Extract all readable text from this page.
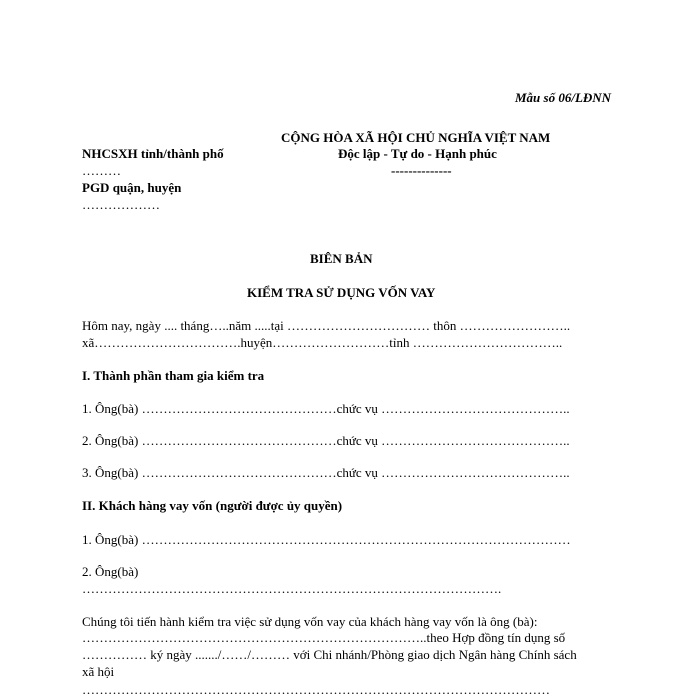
Mẫu số 06/LĐNN
CỘNG HÒA XÃ HỘI CHỦ NGHĨA VIỆT NAM
NHCSXH tỉnh/thành phố	Độc lập - Tự do - Hạnh phúc
………	--------------
PGD quận, huyện
………………
BIÊN BẢN
KIỂM TRA SỬ DỤNG VỐN VAY
Hôm nay, ngày .... tháng…..năm .....tại …………………………… thôn ……………………..
xã…………………………….huyện………………………tỉnh ……………………………..
I. Thành phần tham gia kiểm tra
1. Ông(bà) ………………………………………chức vụ ……………………………………..
2. Ông(bà) ………………………………………chức vụ ……………………………………..
3. Ông(bà) ………………………………………chức vụ ……………………………………..
II. Khách hàng vay vốn (người được ủy quyền)
1. Ông(bà) ………………………………………………………………………………………
2. Ông(bà)
…………………………………………………………………………………….
Chúng tôi tiến hành kiểm tra việc sử dụng vốn vay của khách hàng vay vốn là ông (bà):
……………………………………………………………………..theo Hợp đồng tín dụng số
…………… ký ngày ......./……/……… với Chi nhánh/Phòng giao dịch Ngân hàng Chính sách
xã hội
………………………………………………………………………………………………
